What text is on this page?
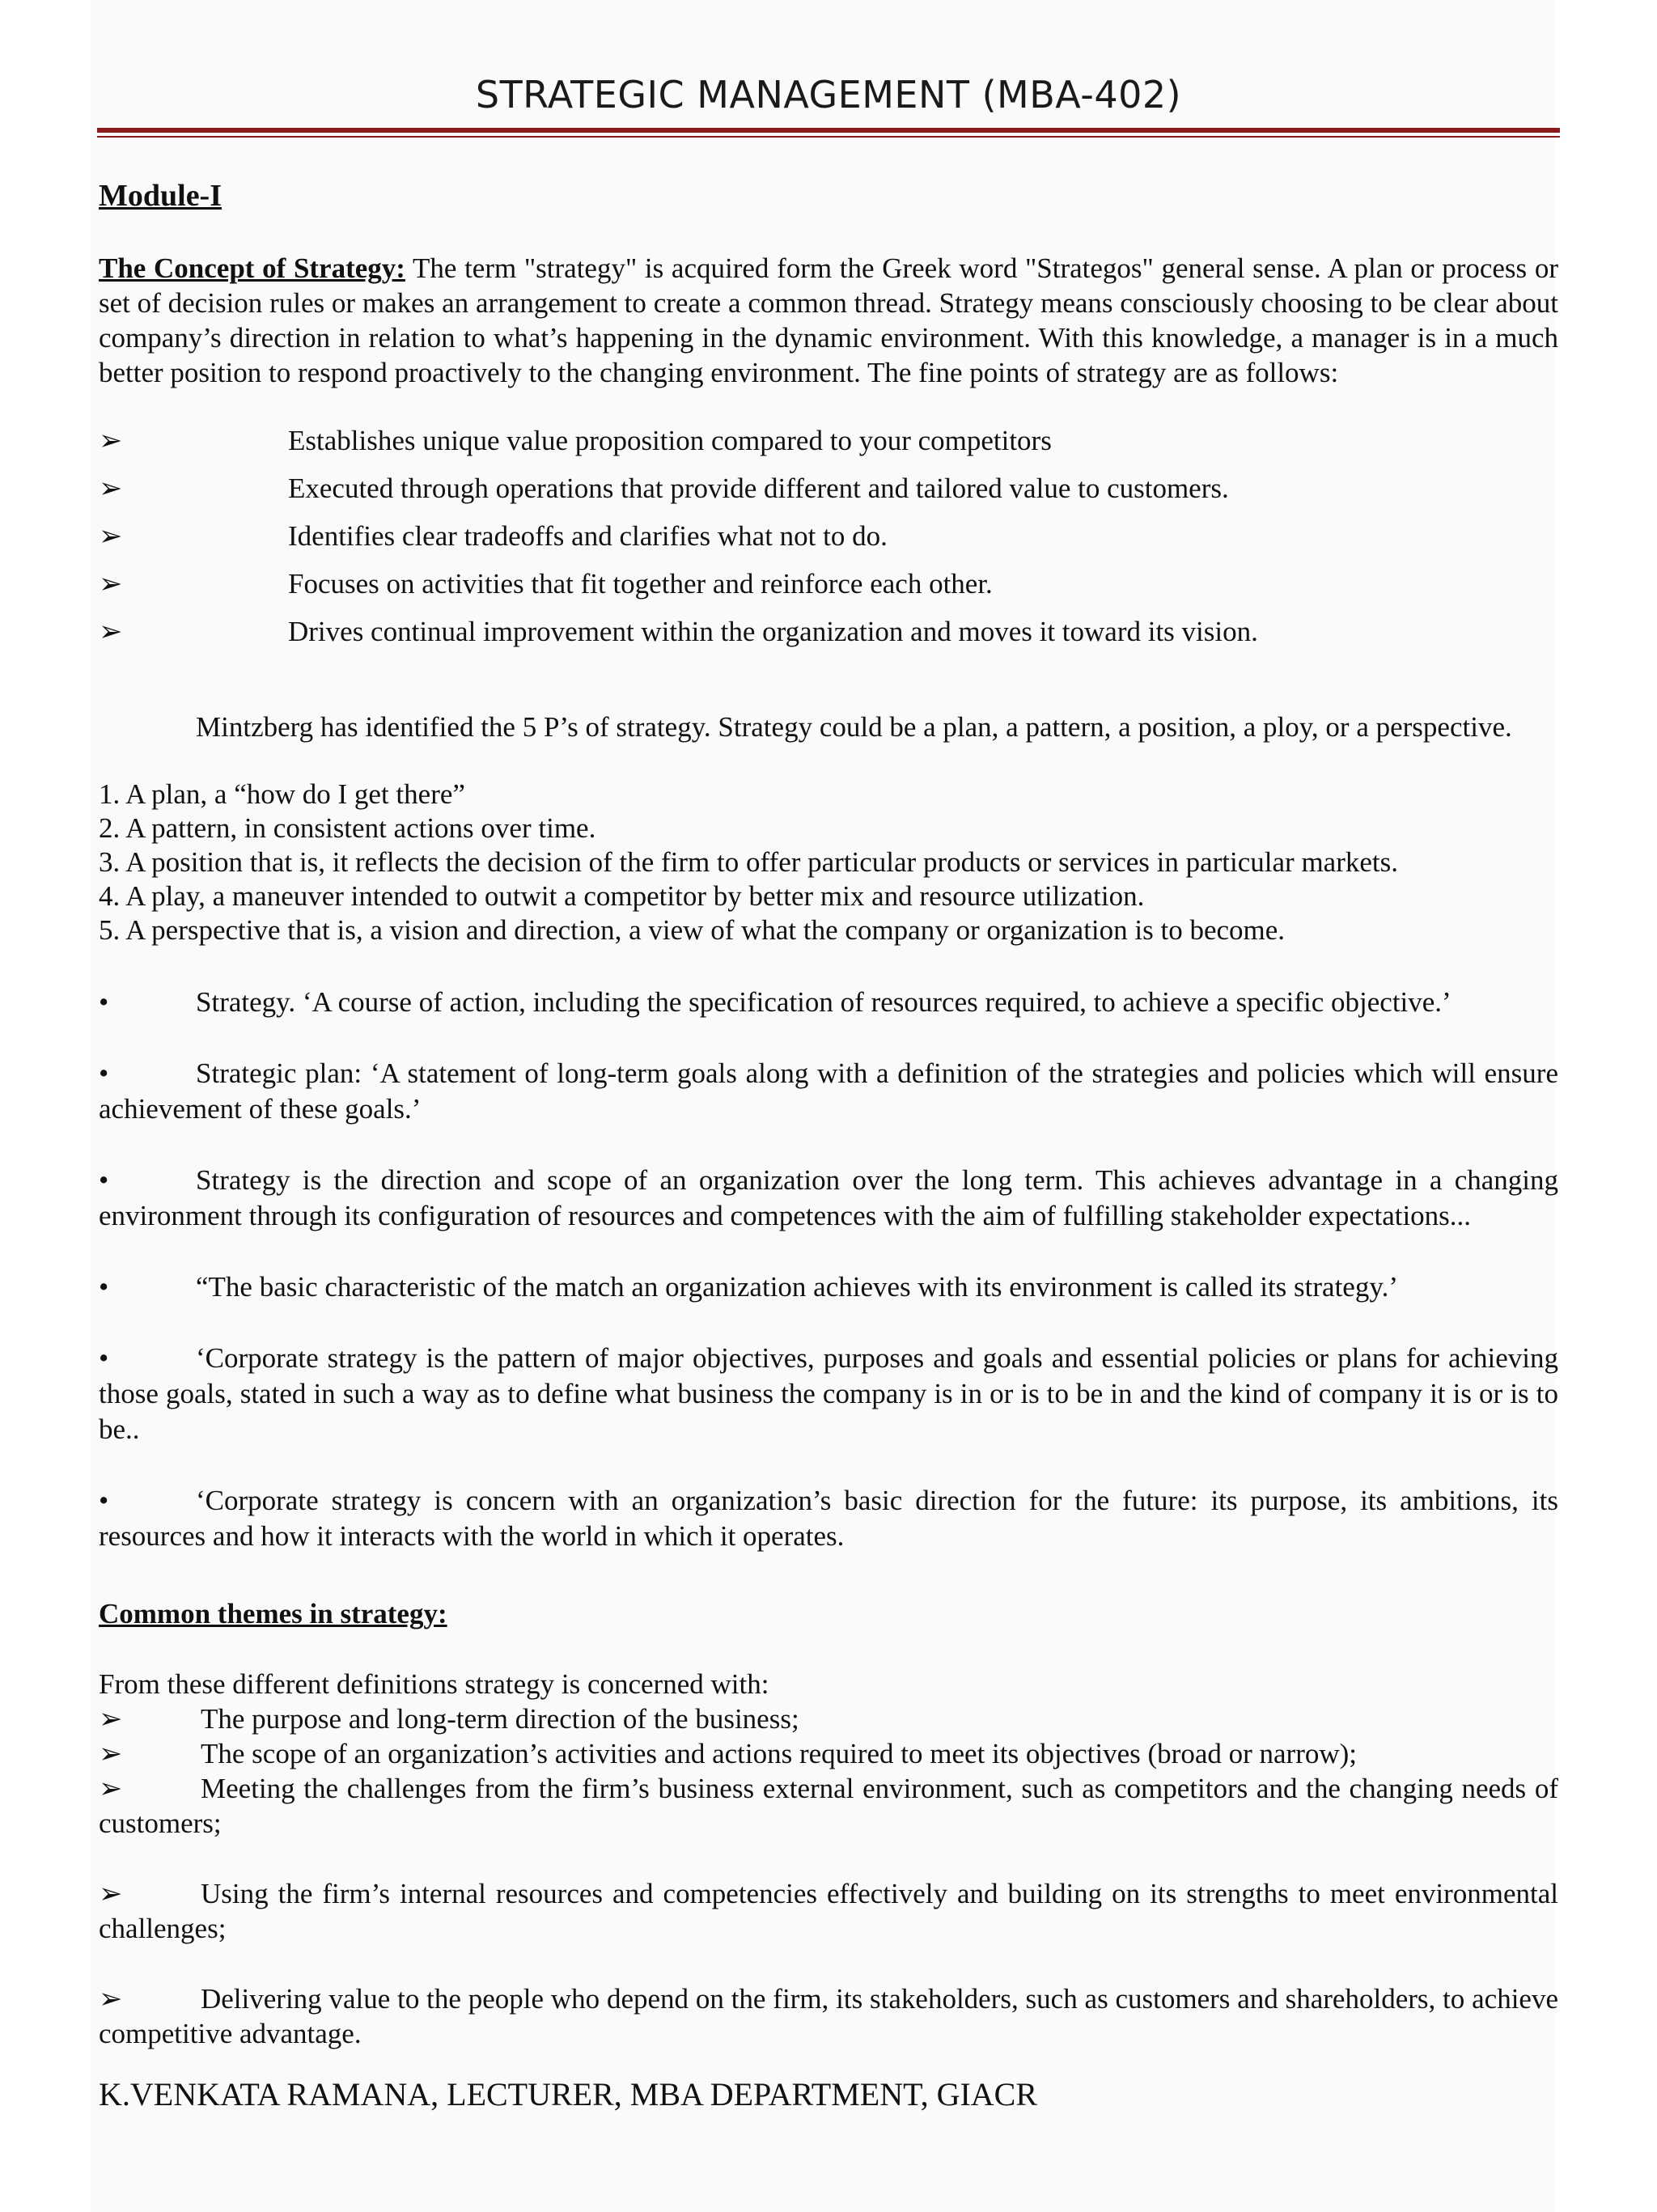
STRATEGIC MANAGEMENT (MBA-402)
Module-I
The Concept of Strategy: The term "strategy" is acquired form the Greek word "Strategos" general sense. A plan or process or set of decision rules or makes an arrangement to create a common thread. Strategy means consciously choosing to be clear about company’s direction in relation to what’s happening in the dynamic environment. With this knowledge, a manager is in a much better position to respond proactively to the changing environment. The fine points of strategy are as follows:
➢	Establishes unique value proposition compared to your competitors
➢	Executed through operations that provide different and tailored value to customers.
➢	Identifies clear tradeoffs and clarifies what not to do.
➢	Focuses on activities that fit together and reinforce each other.
➢	Drives continual improvement within the organization and moves it toward its vision.
Mintzberg has identified the 5 P’s of strategy. Strategy could be a plan, a pattern, a position, a ploy, or a perspective.
1. A plan, a “how do I get there”
2. A pattern, in consistent actions over time.
3. A position that is, it reflects the decision of the firm to offer particular products or services in particular markets.
4. A play, a maneuver intended to outwit a competitor by better mix and resource utilization.
5. A perspective that is, a vision and direction, a view of what the company or organization is to become.
•	Strategy. ‘A course of action, including the specification of resources required, to achieve a specific objective.’
•	Strategic plan: ‘A statement of long-term goals along with a definition of the strategies and policies which will ensure achievement of these goals.’
•	Strategy is the direction and scope of an organization over the long term. This achieves advantage in a changing environment through its configuration of resources and competences with the aim of fulfilling stakeholder expectations...
•	“The basic characteristic of the match an organization achieves with its environment is called its strategy.’
•	‘Corporate strategy is the pattern of major objectives, purposes and goals and essential policies or plans for achieving those goals, stated in such a way as to define what business the company is in or is to be in and the kind of company it is or is to be..
•	‘Corporate strategy is concern with an organization’s basic direction for the future: its purpose, its ambitions, its resources and how it interacts with the world in which it operates.
Common themes in strategy:
From these different definitions strategy is concerned with:
➢	The purpose and long-term direction of the business;
➢	The scope of an organization’s activities and actions required to meet its objectives (broad or narrow);
➢	Meeting the challenges from the firm’s business external environment, such as competitors and the changing needs of customers;
➢	Using the firm’s internal resources and competencies effectively and building on its strengths to meet environmental challenges;
➢	Delivering value to the people who depend on the firm, its stakeholders, such as customers and shareholders, to achieve competitive advantage.
K.VENKATA RAMANA, LECTURER, MBA DEPARTMENT, GIACR
